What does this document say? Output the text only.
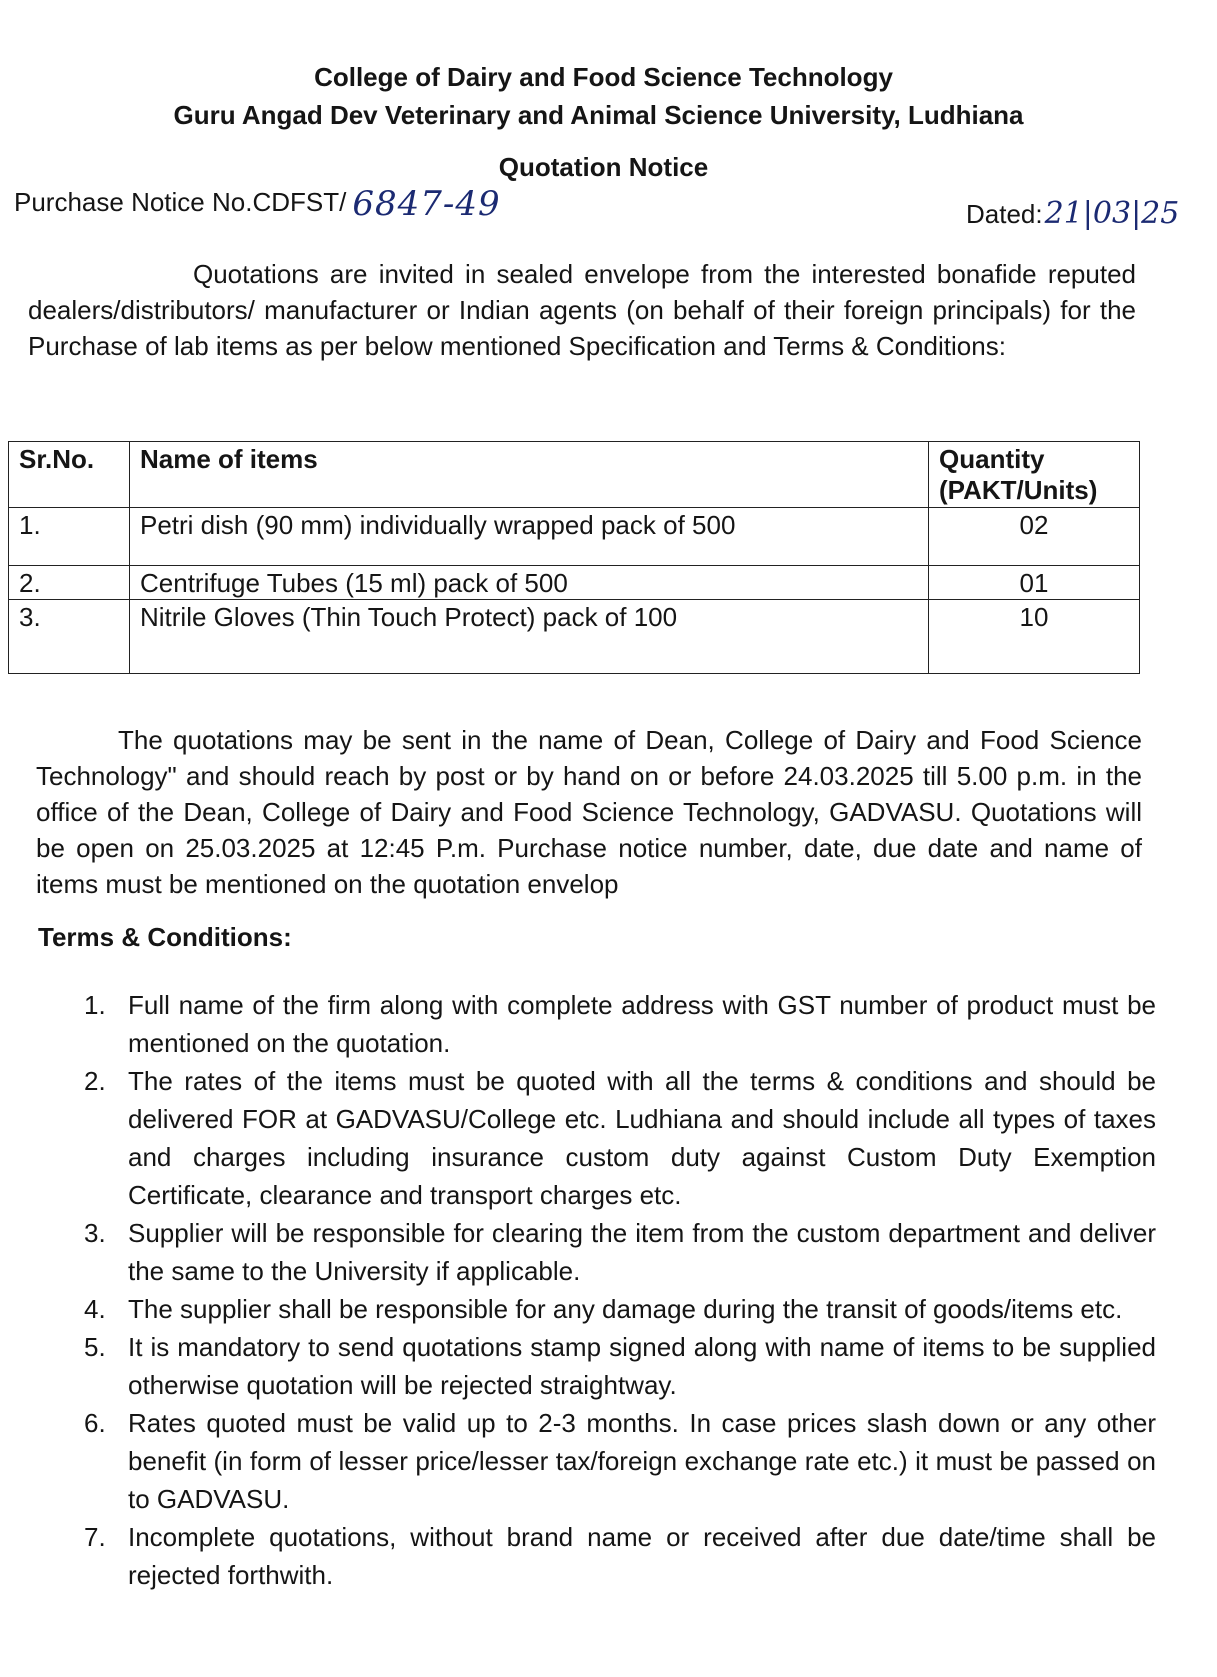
College of Dairy and Food Science Technology
Guru Angad Dev Veterinary and Animal Science University, Ludhiana
Quotation Notice
Purchase Notice No.CDFST/ 6847-49	Dated:21|03|25
Quotations are invited in sealed envelope from the interested bonafide reputed dealers/distributors/ manufacturer or Indian agents (on behalf of their foreign principals) for the Purchase of lab items as per below mentioned Specification and Terms & Conditions:
Sr.No.	Name of items	Quantity (PAKT/Units)
1.	Petri dish (90 mm) individually wrapped pack of 500	02
2.	Centrifuge Tubes (15 ml) pack of 500	01
3.	Nitrile Gloves (Thin Touch Protect) pack of 100	10
The quotations may be sent in the name of Dean, College of Dairy and Food Science Technology" and should reach by post or by hand on or before 24.03.2025 till 5.00 p.m. in the office of the Dean, College of Dairy and Food Science Technology, GADVASU. Quotations will be open on 25.03.2025 at 12:45 P.m. Purchase notice number, date, due date and name of items must be mentioned on the quotation envelop
Terms & Conditions:
1. Full name of the firm along with complete address with GST number of product must be mentioned on the quotation.
2. The rates of the items must be quoted with all the terms & conditions and should be delivered FOR at GADVASU/College etc. Ludhiana and should include all types of taxes and charges including insurance custom duty against Custom Duty Exemption Certificate, clearance and transport charges etc.
3. Supplier will be responsible for clearing the item from the custom department and deliver the same to the University if applicable.
4. The supplier shall be responsible for any damage during the transit of goods/items etc.
5. It is mandatory to send quotations stamp signed along with name of items to be supplied otherwise quotation will be rejected straightway.
6. Rates quoted must be valid up to 2-3 months. In case prices slash down or any other benefit (in form of lesser price/lesser tax/foreign exchange rate etc.) it must be passed on to GADVASU.
7. Incomplete quotations, without brand name or received after due date/time shall be rejected forthwith.
